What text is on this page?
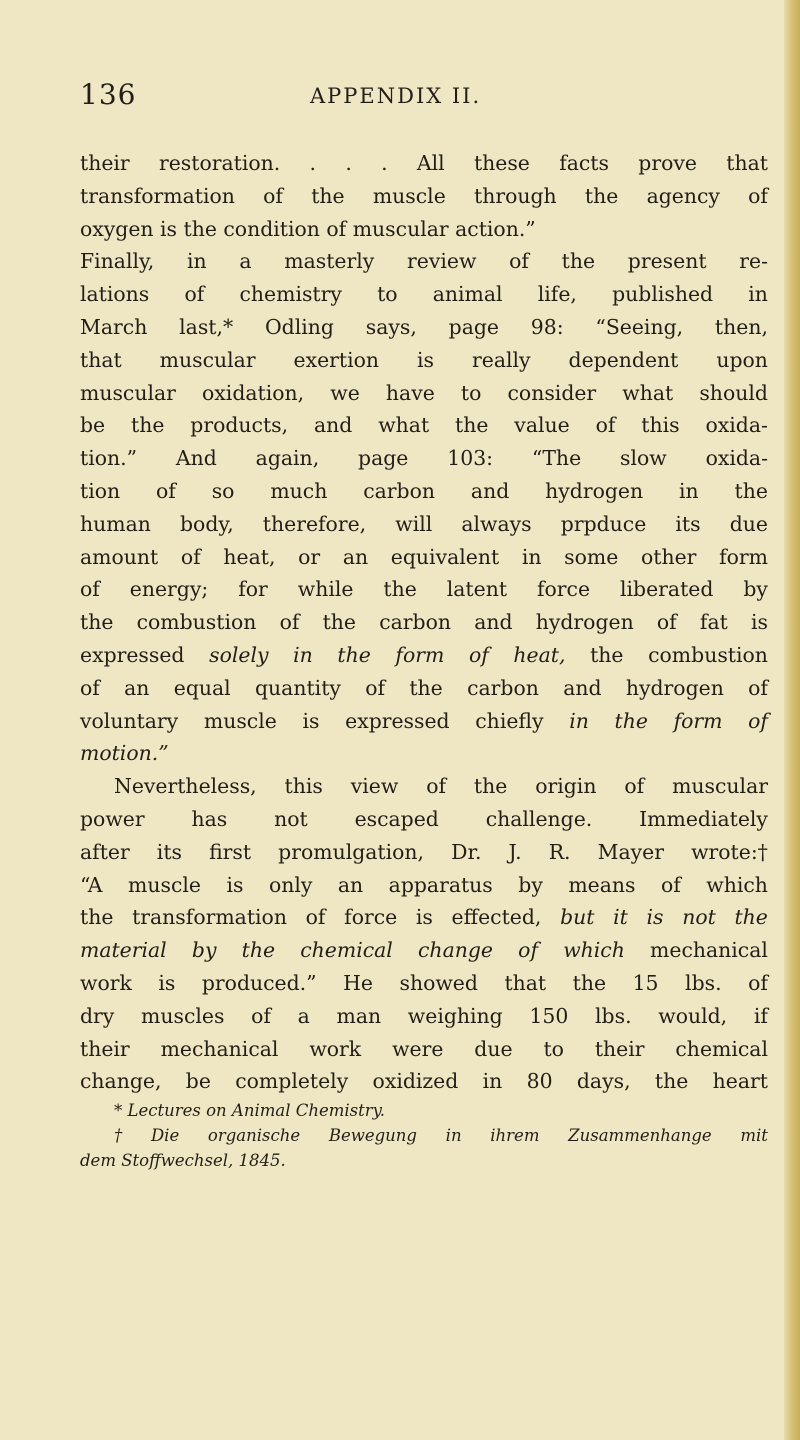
136	APPENDIX II.
their restoration. . . . All these facts prove that
transformation of the muscle through the agency of
oxygen is the condition of muscular action.”
Finally, in a masterly review of the present re-
lations of chemistry to animal life, published in
March last,* Odling says, page 98: “Seeing, then,
that muscular exertion is really dependent upon
muscular oxidation, we have to consider what should
be the products, and what the value of this oxida-
tion.” And again, page 103: “The slow oxida-
tion of so much carbon and hydrogen in the
human body, therefore, will always prpduce its due
amount of heat, or an equivalent in some other form
of energy; for while the latent force liberated by
the combustion of the carbon and hydrogen of fat is
expressed solely in the form of heat, the combustion
of an equal quantity of the carbon and hydrogen of
voluntary muscle is expressed chiefly in the form of
motion.”
Nevertheless, this view of the origin of muscular
power has not escaped challenge. Immediately
after its first promulgation, Dr. J. R. Mayer wrote:†
“A muscle is only an apparatus by means of which
the transformation of force is effected, but it is not the
material by the chemical change of which mechanical
work is produced.” He showed that the 15 lbs. of
dry muscles of a man weighing 150 lbs. would, if
their mechanical work were due to their chemical
change, be completely oxidized in 80 days, the heart
* Lectures on Animal Chemistry.
† Die organische Bewegung in ihrem Zusammenhange mit
dem Stoffwechsel, 1845.
